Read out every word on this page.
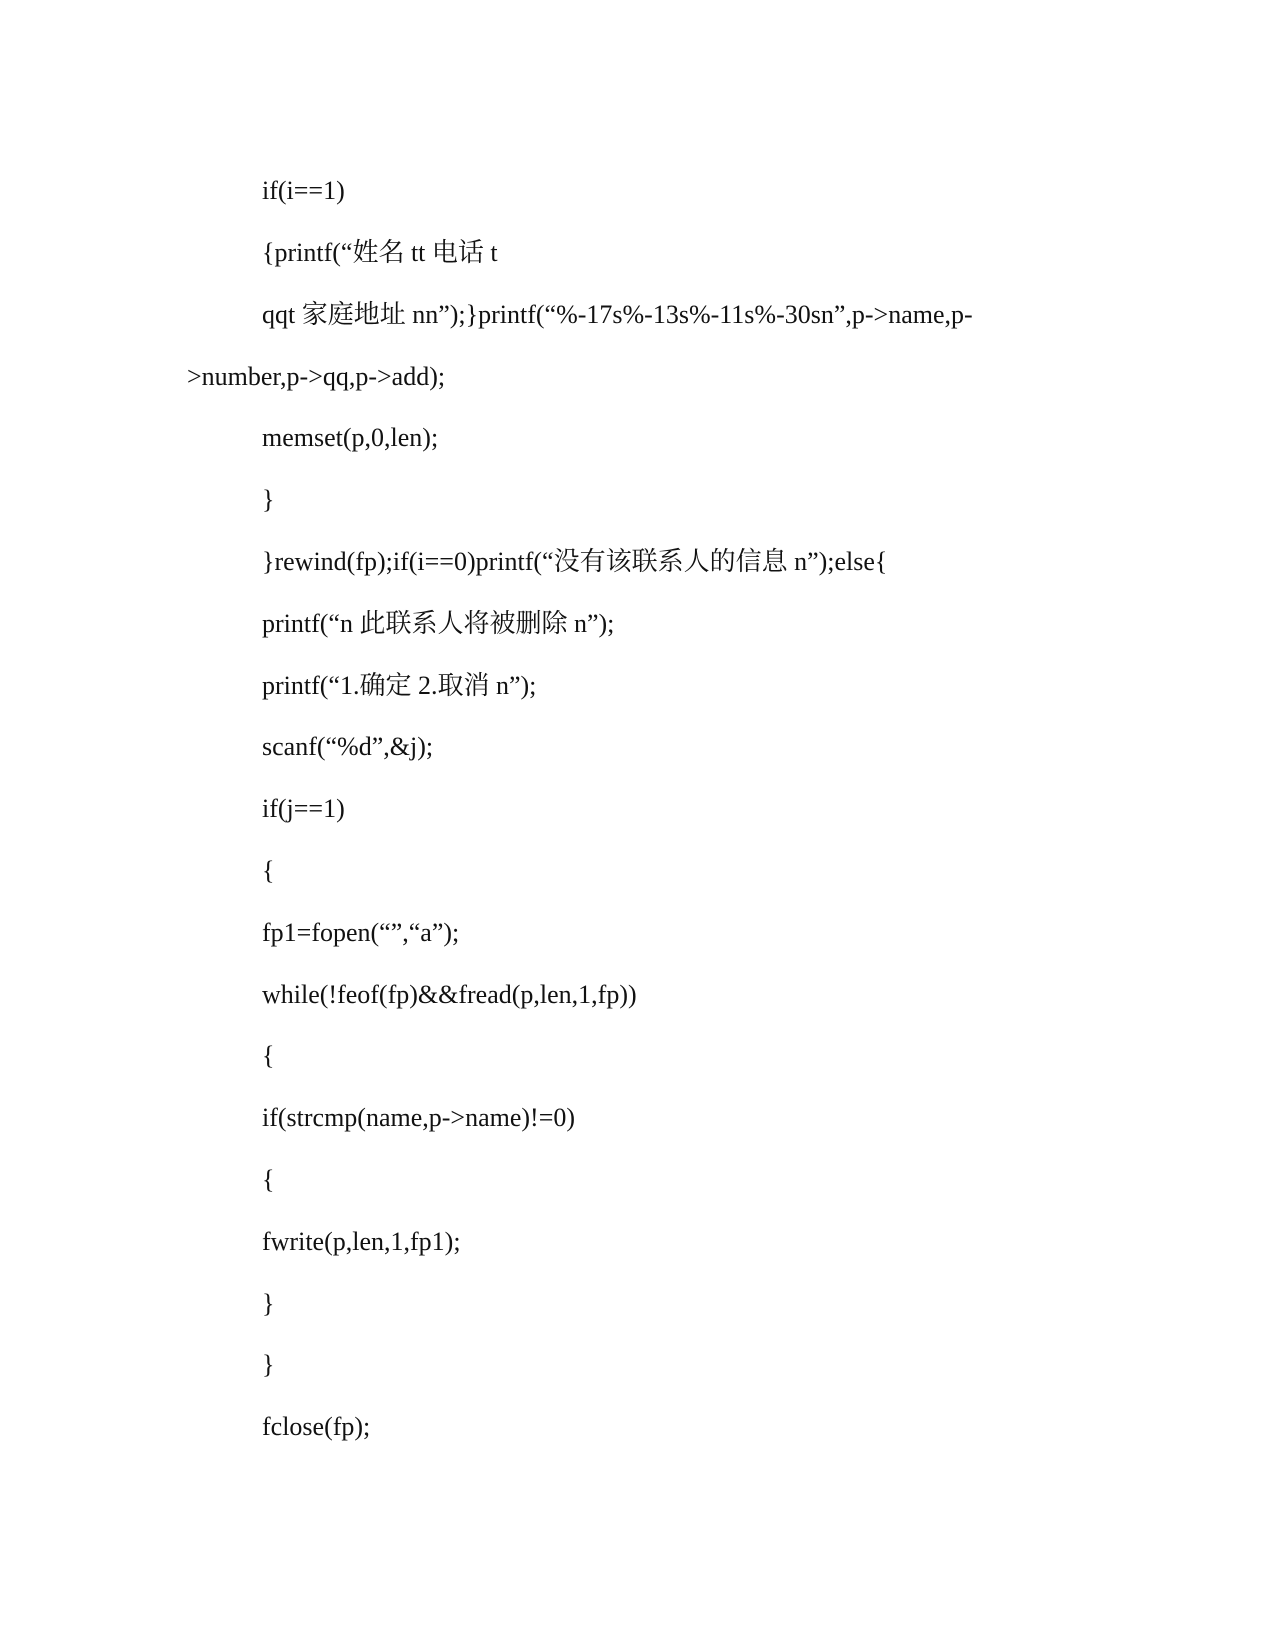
if(i==1)
{printf(“姓名 tt 电话 t
qqt 家庭地址 nn”);}printf(“%-17s%-13s%-11s%-30sn”,p->name,p-
>number,p->qq,p->add);
memset(p,0,len);
}
}rewind(fp);if(i==0)printf(“没有该联系人的信息 n”);else{
printf(“n 此联系人将被删除 n”);
printf(“1.确定 2.取消 n”);
scanf(“%d”,&j);
if(j==1)
{
fp1=fopen(“”,“a”);
while(!feof(fp)&&fread(p,len,1,fp))
{
if(strcmp(name,p->name)!=0)
{
fwrite(p,len,1,fp1);
}
}
fclose(fp);
